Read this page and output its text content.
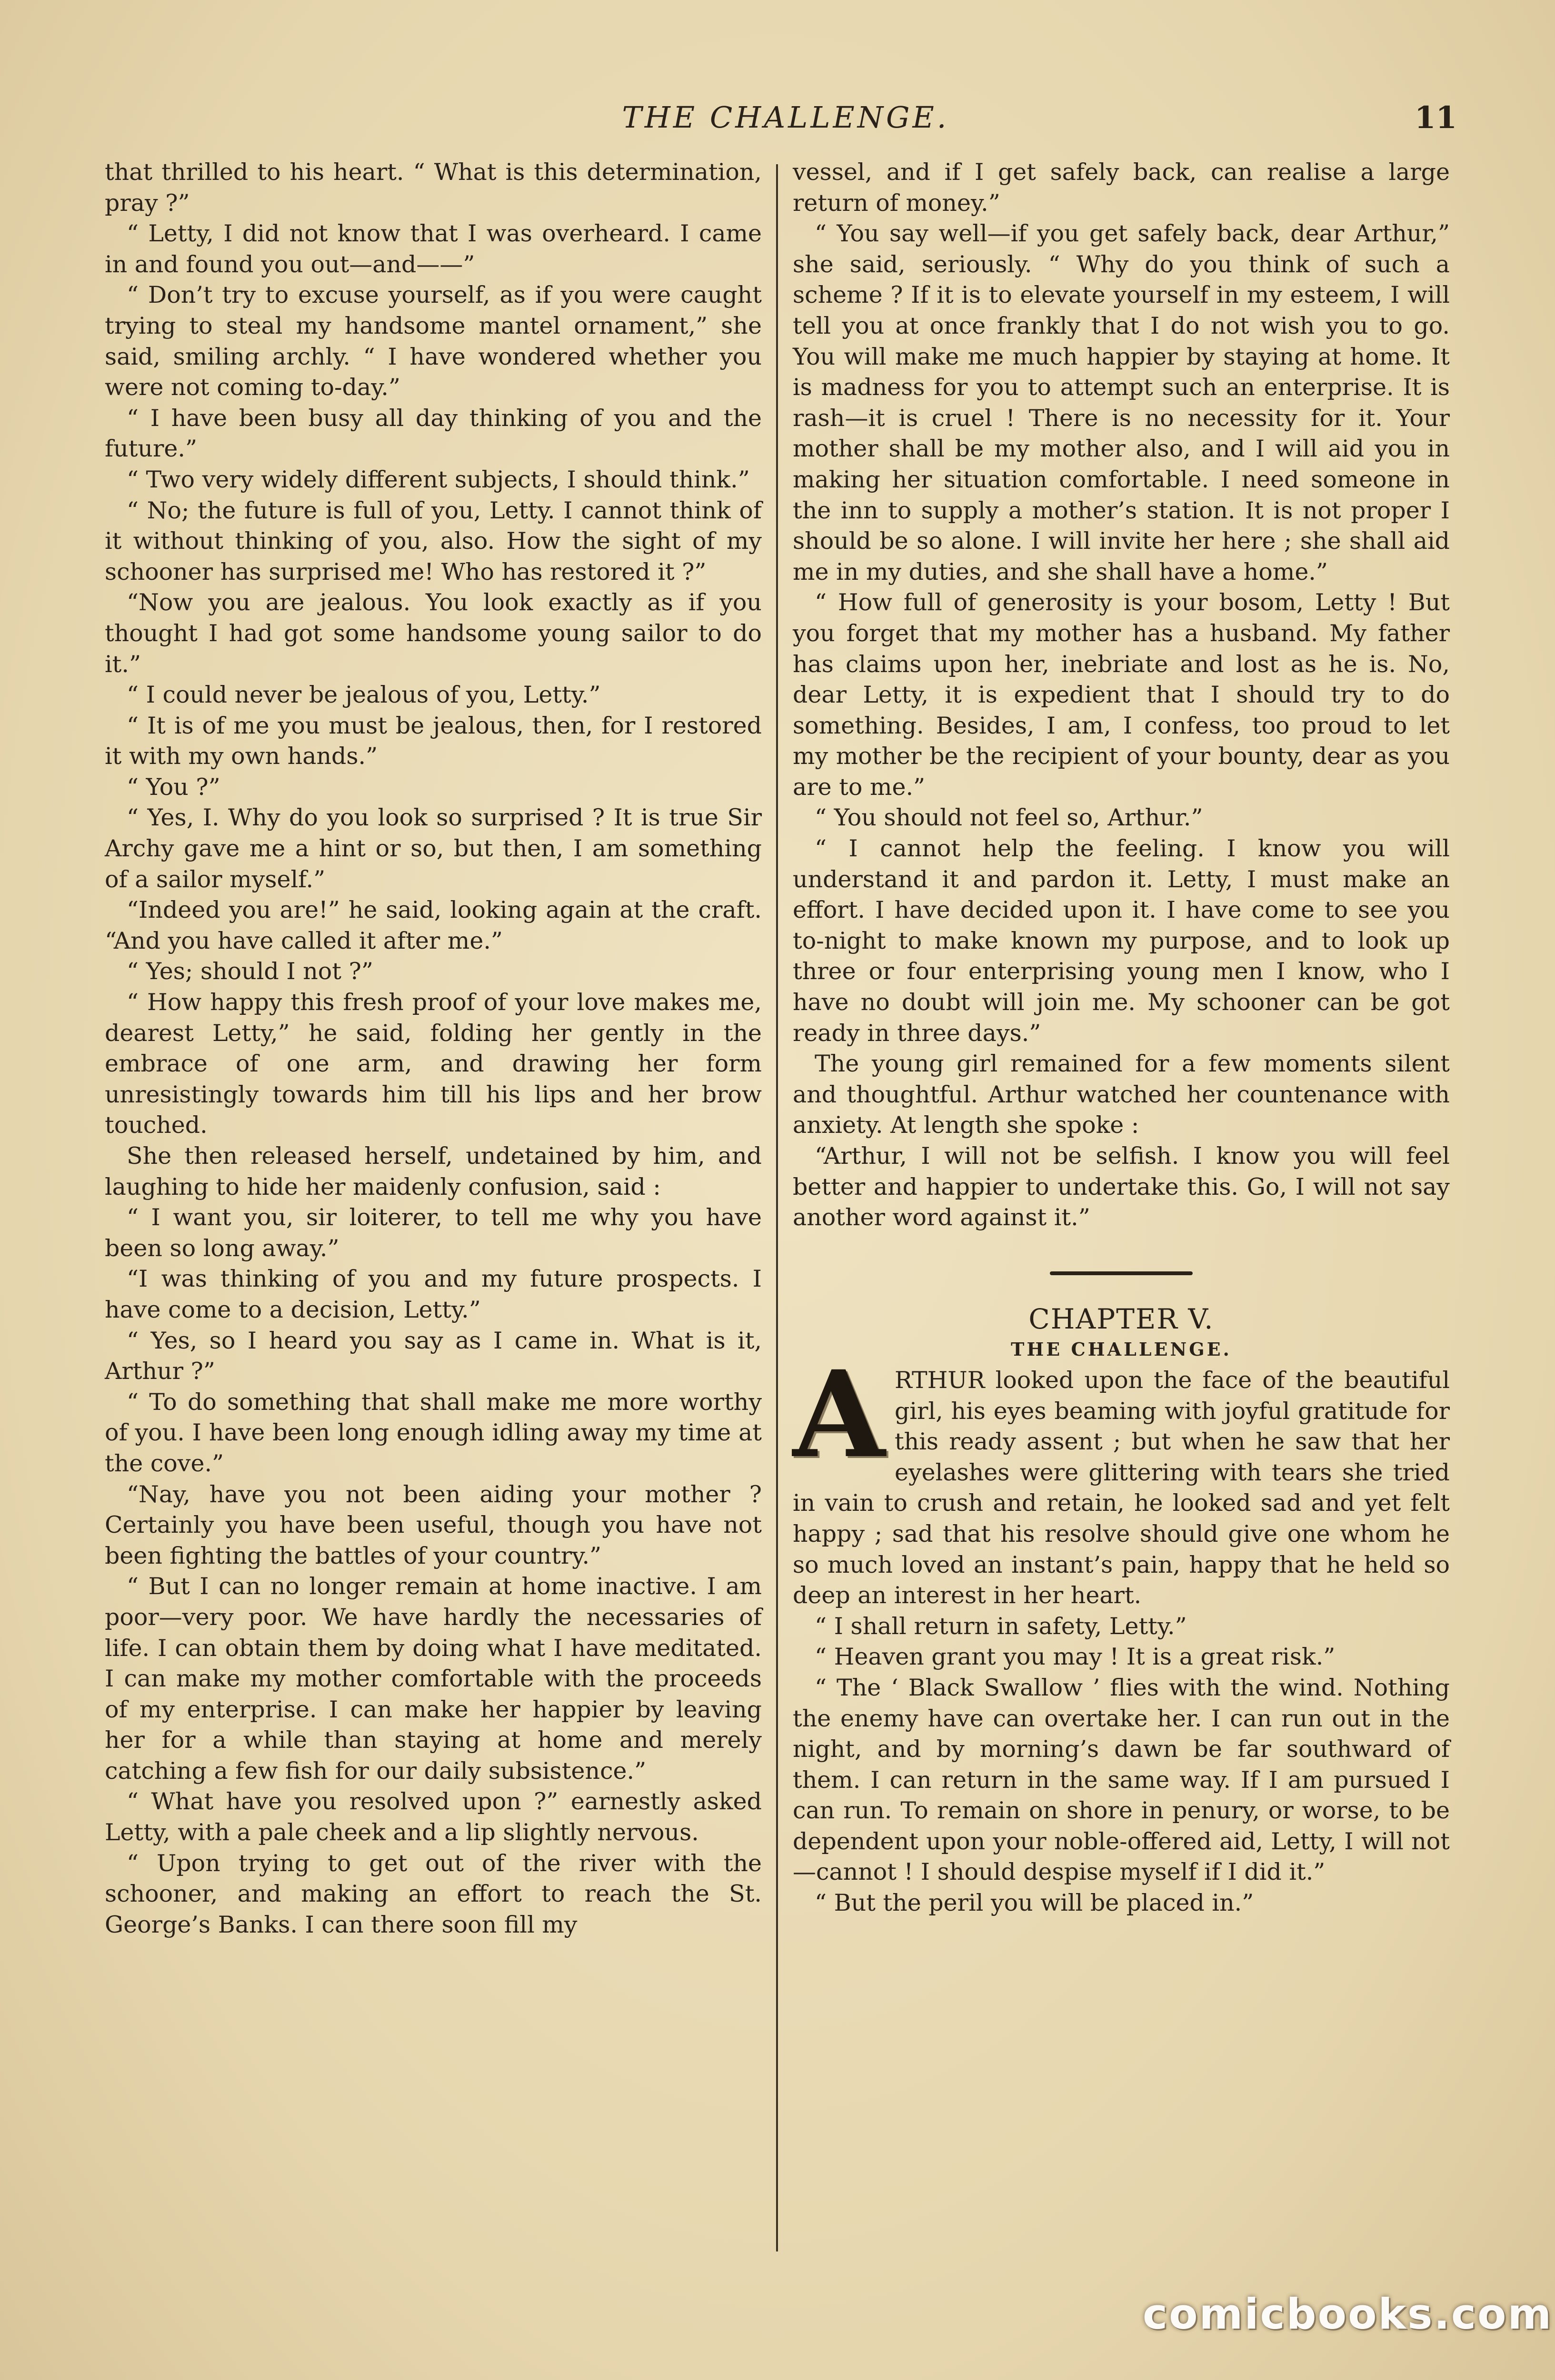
THE CHALLENGE.	11

that thrilled to his heart. “ What is this determination, pray ?”

“ Letty, I did not know that I was overheard. I came in and found you out—and——”

“ Don’t try to excuse yourself, as if you were caught trying to steal my handsome mantel ornament,” she said, smiling archly. “ I have wondered whether you were not coming to-day.”

“ I have been busy all day thinking of you and the future.”

“ Two very widely different subjects, I should think.”

“ No; the future is full of you, Letty. I cannot think of it without thinking of you, also. How the sight of my schooner has surprised me! Who has restored it ?”

“Now you are jealous. You look exactly as if you thought I had got some handsome young sailor to do it.”

“ I could never be jealous of you, Letty.”

“ It is of me you must be jealous, then, for I restored it with my own hands.”

“ You ?”

“ Yes, I. Why do you look so surprised ? It is true Sir Archy gave me a hint or so, but then, I am something of a sailor myself.”

“Indeed you are!” he said, looking again at the craft. “And you have called it after me.”

“ Yes; should I not ?”

“ How happy this fresh proof of your love makes me, dearest Letty,” he said, folding her gently in the embrace of one arm, and drawing her form unresistingly towards him till his lips and her brow touched.

She then released herself, undetained by him, and laughing to hide her maidenly confusion, said :

“ I want you, sir loiterer, to tell me why you have been so long away.”

“I was thinking of you and my future prospects. I have come to a decision, Letty.”

“ Yes, so I heard you say as I came in. What is it, Arthur ?”

“ To do something that shall make me more worthy of you. I have been long enough idling away my time at the cove.”

“Nay, have you not been aiding your mother ? Certainly you have been useful, though you have not been fighting the battles of your country.”

“ But I can no longer remain at home inactive. I am poor—very poor. We have hardly the necessaries of life. I can obtain them by doing what I have meditated. I can make my mother comfortable with the proceeds of my enterprise. I can make her happier by leaving her for a while than staying at home and merely catching a few fish for our daily subsistence.”

“ What have you resolved upon ?” earnestly asked Letty, with a pale cheek and a lip slightly nervous.

“ Upon trying to get out of the river with the schooner, and making an effort to reach the St. George’s Banks. I can there soon fill my

vessel, and if I get safely back, can realise a large return of money.”

“ You say well—if you get safely back, dear Arthur,” she said, seriously. “ Why do you think of such a scheme ? If it is to elevate yourself in my esteem, I will tell you at once frankly that I do not wish you to go. You will make me much happier by staying at home. It is madness for you to attempt such an enterprise. It is rash—it is cruel ! There is no necessity for it. Your mother shall be my mother also, and I will aid you in making her situation comfortable. I need someone in the inn to supply a mother’s station. It is not proper I should be so alone. I will invite her here ; she shall aid me in my duties, and she shall have a home.”

“ How full of generosity is your bosom, Letty ! But you forget that my mother has a husband. My father has claims upon her, inebriate and lost as he is. No, dear Letty, it is expedient that I should try to do something. Besides, I am, I confess, too proud to let my mother be the recipient of your bounty, dear as you are to me.”

“ You should not feel so, Arthur.”

“ I cannot help the feeling. I know you will understand it and pardon it. Letty, I must make an effort. I have decided upon it. I have come to see you to-night to make known my purpose, and to look up three or four enterprising young men I know, who I have no doubt will join me. My schooner can be got ready in three days.”

The young girl remained for a few moments silent and thoughtful. Arthur watched her countenance with anxiety. At length she spoke :

“Arthur, I will not be selfish. I know you will feel better and happier to undertake this. Go, I will not say another word against it.”

CHAPTER V.

THE CHALLENGE.

ARTHUR looked upon the face of the beautiful girl, his eyes beaming with joyful gratitude for this ready assent ; but when he saw that her eyelashes were glittering with tears she tried in vain to crush and retain, he looked sad and yet felt happy ; sad that his resolve should give one whom he so much loved an instant’s pain, happy that he held so deep an interest in her heart.

“ I shall return in safety, Letty.”

“ Heaven grant you may ! It is a great risk.”

“ The ‘ Black Swallow ’ flies with the wind. Nothing the enemy have can overtake her. I can run out in the night, and by morning’s dawn be far southward of them. I can return in the same way. If I am pursued I can run. To remain on shore in penury, or worse, to be dependent upon your noble-offered aid, Letty, I will not—cannot ! I should despise myself if I did it.”

“ But the peril you will be placed in.”

comicbooks.com
